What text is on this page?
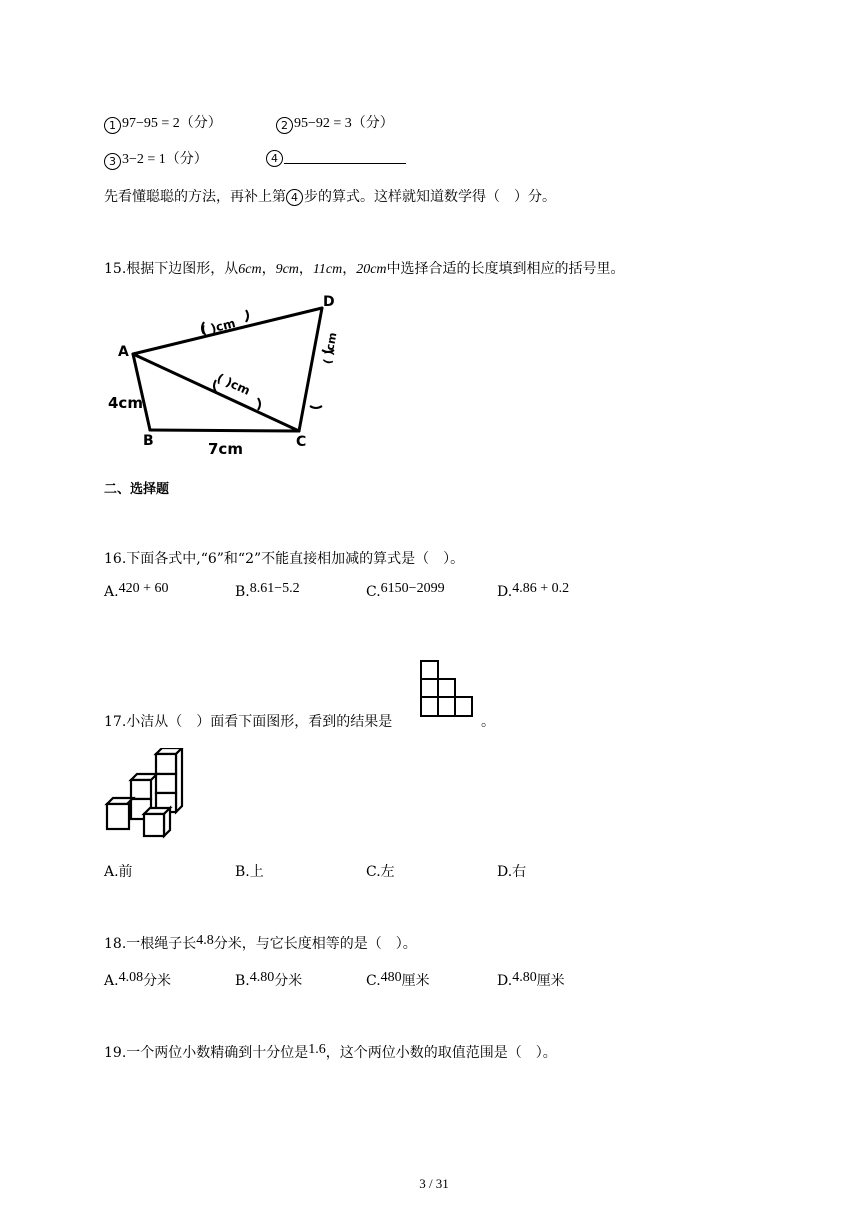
1 97−95 = 2（分）	2 95−92 = 3（分）
3 3−2 = 1（分）	4
先看懂聪聪的方法，再补上第 4 步的算式。这样就知道数学得（　）分。
15.根据下边图形，从6cm，9cm，11cm，20cm中选择合适的长度填到相应的括号里。
A
B	C
D
4cm
7cm
( )cm
( )cm
( )cm
二、选择题
16.下面各式中,“6”和“2”不能直接相加减的算式是（　）。
A.420 + 60	B.8.61−5.2	C.6150−2099	D.4.86 + 0.2
17.小洁从（　）面看下面图形，看到的结果是	。
A.前	B.上	C.左	D.右
18.一根绳子长4.8分米，与它长度相等的是（　）。
A.4.08分米	B.4.80分米	C.480厘米	D.4.80厘米
19.一个两位小数精确到十分位是1.6，这个两位小数的取值范围是（　）。
3 / 31
